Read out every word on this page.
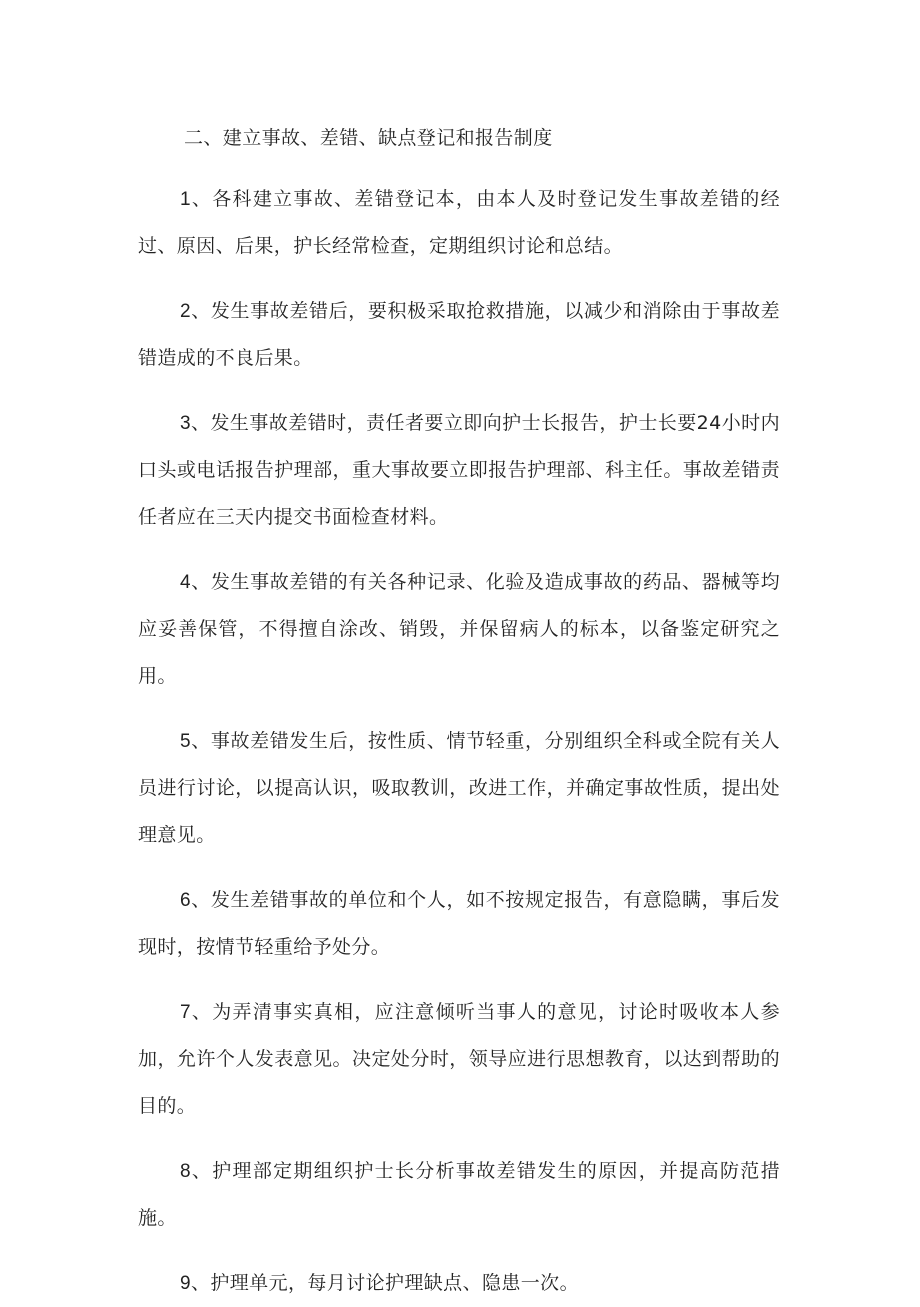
二、建立事故、差错、缺点登记和报告制度

1、各科建立事故、差错登记本，由本人及时登记发生事故差错的经过、原因、后果，护长经常检查，定期组织讨论和总结。

2、发生事故差错后，要积极采取抢救措施，以减少和消除由于事故差错造成的不良后果。

3、发生事故差错时，责任者要立即向护士长报告，护士长要24小时内口头或电话报告护理部，重大事故要立即报告护理部、科主任。事故差错责任者应在三天内提交书面检查材料。

4、发生事故差错的有关各种记录、化验及造成事故的药品、器械等均应妥善保管，不得擅自涂改、销毁，并保留病人的标本，以备鉴定研究之用。

5、事故差错发生后，按性质、情节轻重，分别组织全科或全院有关人员进行讨论，以提高认识，吸取教训，改进工作，并确定事故性质，提出处理意见。

6、发生差错事故的单位和个人，如不按规定报告，有意隐瞒，事后发现时，按情节轻重给予处分。

7、为弄清事实真相，应注意倾听当事人的意见，讨论时吸收本人参加，允许个人发表意见。决定处分时，领导应进行思想教育，以达到帮助的目的。

8、护理部定期组织护士长分析事故差错发生的原因，并提高防范措施。

9、护理单元，每月讨论护理缺点、隐患一次。
